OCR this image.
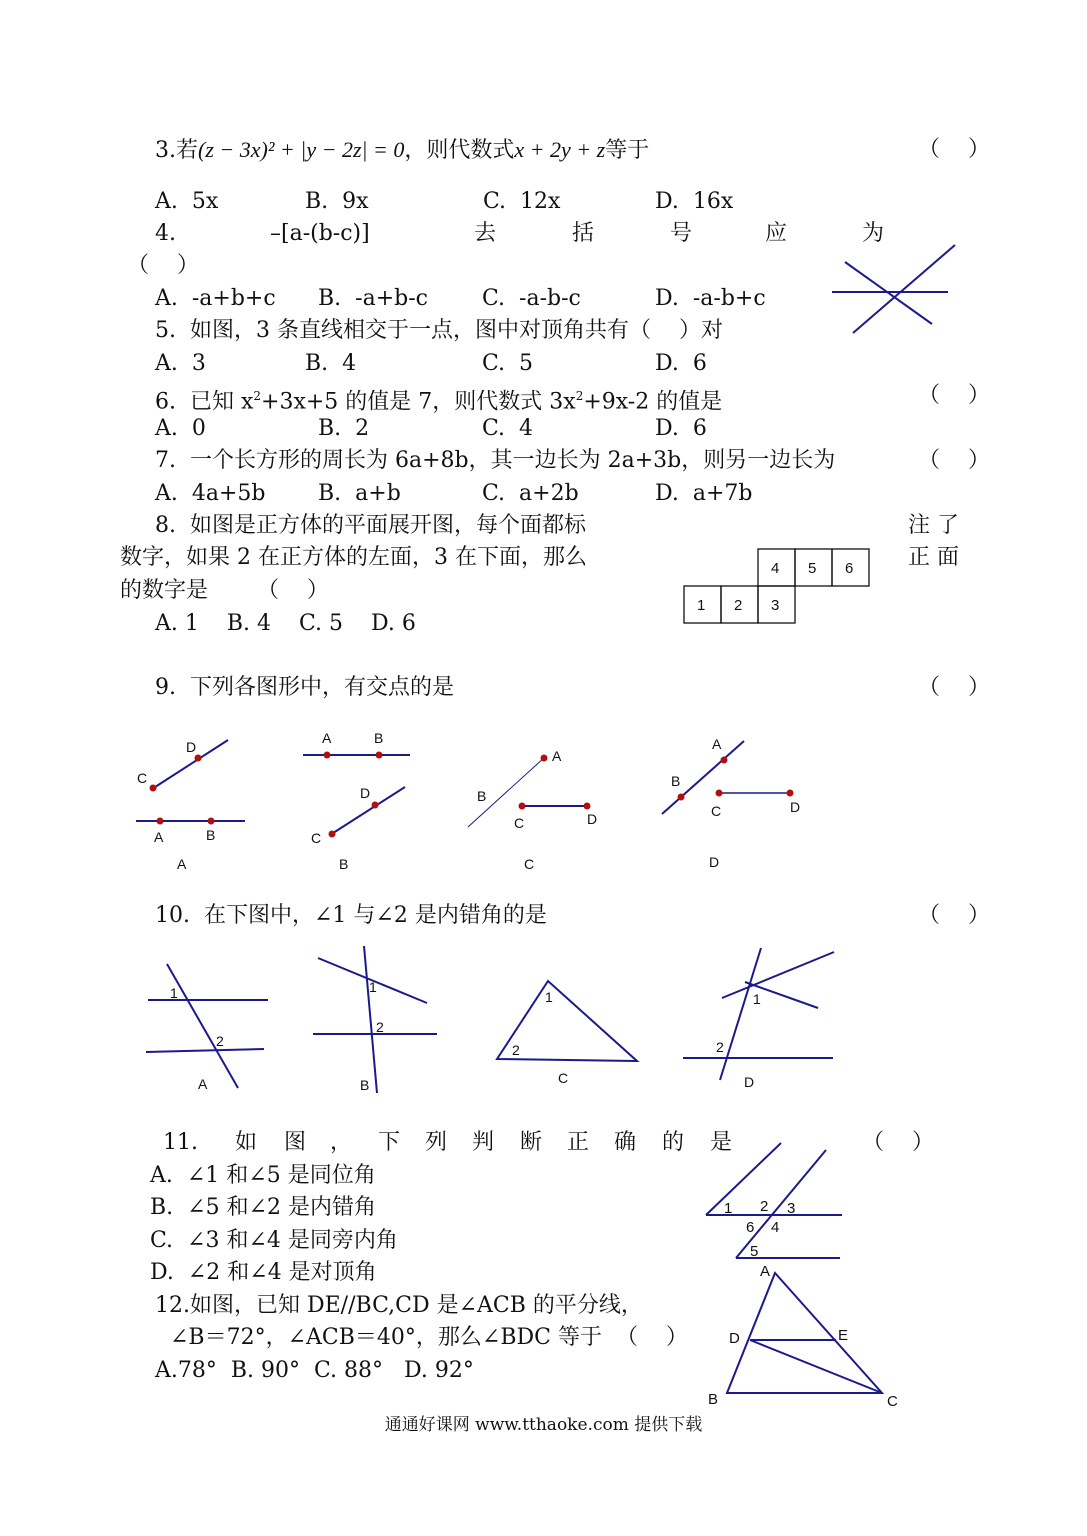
3.若(z − 3x)² + |y − 2z| = 0，则代数式x + 2y + z等于	（    ）
A.  5x	B.  9x	C.  12x	D.  16x
4.	–[a-(b-c)]	去	括	号	应	为
（    ）
A.  -a+b+c B.  -a+b-c C.  -a-b-c	D.  -a-b+c
5.  如图，3 条直线相交于一点，图中对顶角共有（    ）对
A.  3	B.  4	C.  5	D.  6
6.  已知 $x^2+3x+5$ 的值是 7，则代数式 $3x^2+9x-2$ 的值是	（    ）
A.  0	B.  2	C.  4	D.  6
7.  一个长方形的周长为 6a+8b，其一边长为 2a+3b，则另一边长为	（    ）
A.  4a+5b B.  a+b	C.  a+2b	D.  a+7b
8.  如图是正方体的平面展开图，每个面都标	注 了
数字，如果 2 在正方体的左面，3 在下面，那么	正 面
的数字是       （    ）
A. 1    B. 4    C. 5    D. 6
9.  下列各图形中，有交点的是	（    ）
10.  在下图中，∠1 与∠2 是内错角的是	（    ）
11. 如 图 ， 下 列 判 断 正 确 的 是	（    ）
A.  ∠1 和∠5 是同位角
B.  ∠5 和∠2 是内错角
C.  ∠3 和∠4 是同旁内角
D.  ∠2 和∠4 是对顶角
12.如图，已知 DE//BC,CD 是∠ACB 的平分线，
∠B＝72°，∠ACB＝40°，那么∠BDC 等于  （    ）
A.78°  B. 90°  C. 88°   D. 92°
通通好课网 www.tthaoke.com 提供下载
4 5 6
1 2 3
D
C
A	B
A
A	B
D
C
B
A
B
C	D
C
A
B
C	D
D
1
2
A
1
2
B
1
2
C
1
2
D
1 2 3
6 4
5
A
D	E
B	C
